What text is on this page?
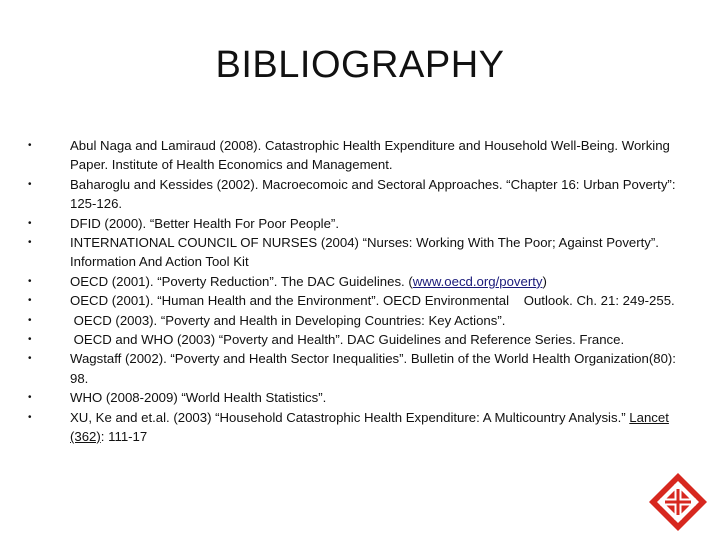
BIBLIOGRAPHY
•	Abul Naga and Lamiraud (2008). Catastrophic Health Expenditure and Household Well-Being. Working Paper. Institute of Health Economics and Management.
•	Baharoglu and Kessides (2002). Macroecomoic and Sectoral Approaches. “Chapter 16: Urban Poverty”: 125-126.
•	DFID (2000). “Better Health For Poor People”.
•	INTERNATIONAL COUNCIL OF NURSES (2004) “Nurses: Working With The Poor; Against Poverty”. Information And Action Tool Kit
•	OECD (2001). “Poverty Reduction”. The DAC Guidelines. (www.oecd.org/poverty)
•	OECD (2001). “Human Health and the Environment”. OECD Environmental    Outlook. Ch. 21: 249-255.
•	OECD (2003). “Poverty and Health in Developing Countries: Key Actions”.
•	OECD and WHO (2003) “Poverty and Health”. DAC Guidelines and Reference Series. France.
•	Wagstaff (2002). “Poverty and Health Sector Inequalities”. Bulletin of the World Health Organization(80): 98.
•	WHO (2008-2009) “World Health Statistics”.
•	XU, Ke and et.al. (2003) “Household Catastrophic Health Expenditure: A Multicountry Analysis.” Lancet (362): 111-17
